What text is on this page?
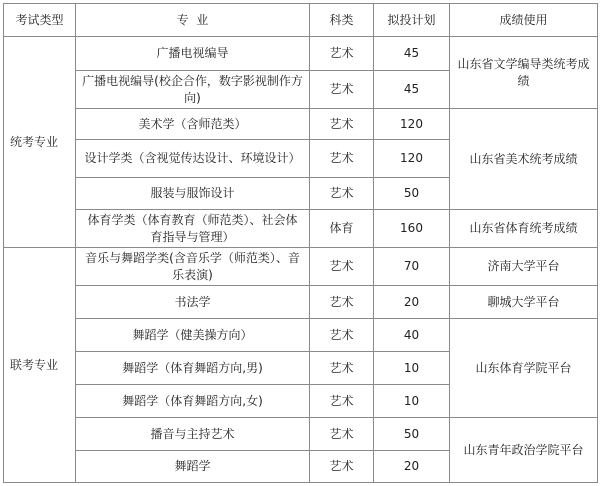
考试类型	专  业	科类	拟投计划	成绩使用
统考专业	广播电视编导	艺术	45	山东省文学编导类统考成绩
	广播电视编导(校企合作，数字影视制作方向)	艺术	45	
	美术学（含师范类）	艺术	120	山东省美术统考成绩
	设计学类（含视觉传达设计、环境设计）	艺术	120	
	服装与服饰设计	艺术	50	
	体育学类（体育教育（师范类）、社会体育指导与管理）	体育	160	山东省体育统考成绩
联考专业	音乐与舞蹈学类(含音乐学（师范类）、音乐表演)	艺术	70	济南大学平台
	书法学	艺术	20	聊城大学平台
	舞蹈学（健美操方向）	艺术	40	山东体育学院平台
	舞蹈学（体育舞蹈方向,男)	艺术	10	
	舞蹈学（体育舞蹈方向,女)	艺术	10	
	播音与主持艺术	艺术	50	山东青年政治学院平台
	舞蹈学	艺术	20	
